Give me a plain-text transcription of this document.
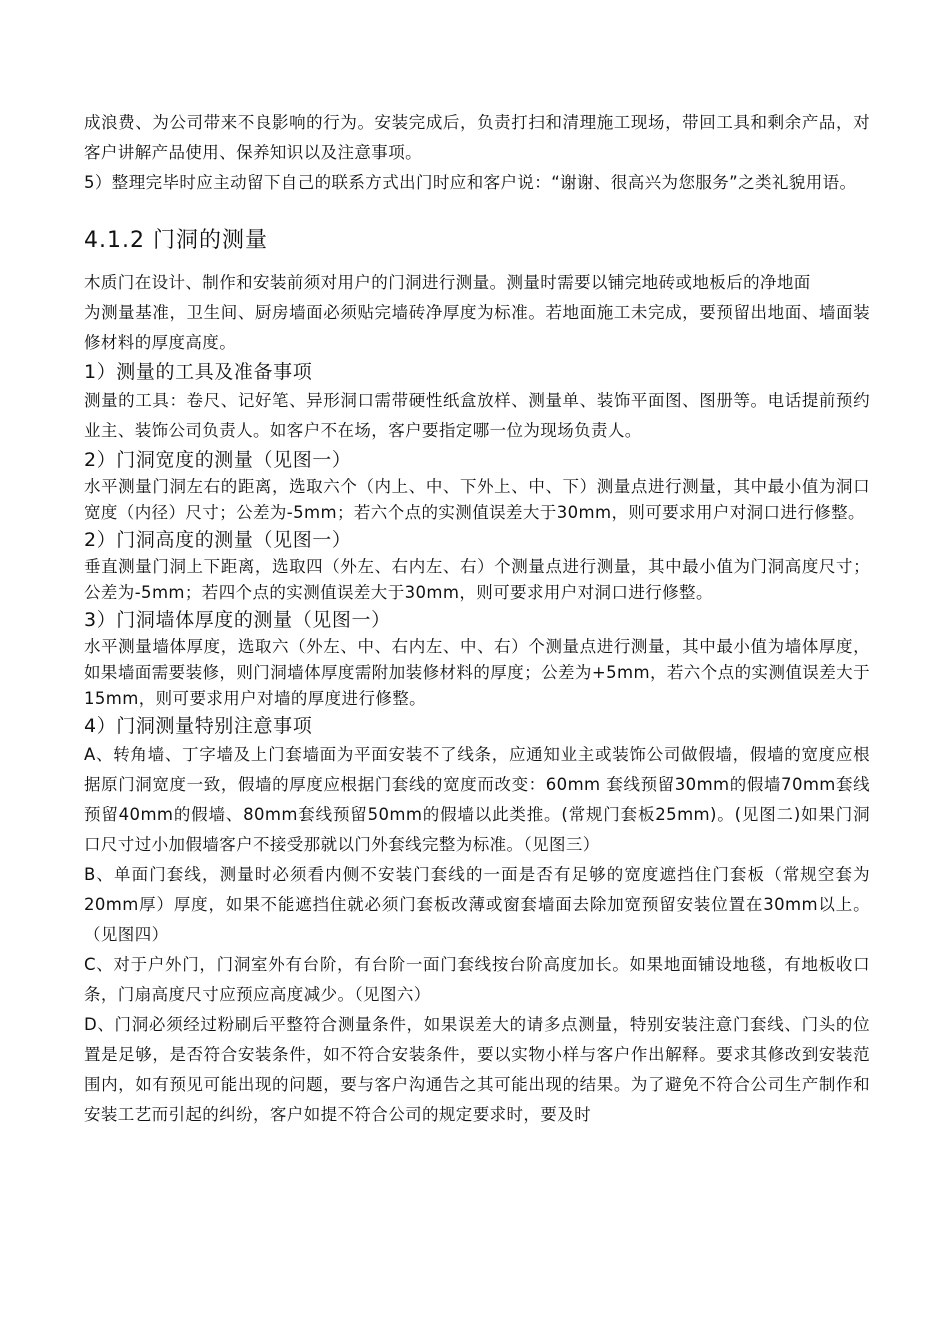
成浪费、为公司带来不良影响的行为。安装完成后，负责打扫和清理施工现场，带回工具和剩余产品，对客户讲解产品使用、保养知识以及注意事项。

5）整理完毕时应主动留下自己的联系方式出门时应和客户说：“谢谢、很高兴为您服务”之类礼貌用语。

4.1.2 门洞的测量

木质门在设计、制作和安装前须对用户的门洞进行测量。测量时需要以铺完地砖或地板后的净地面

为测量基准，卫生间、厨房墙面必须贴完墙砖净厚度为标准。若地面施工未完成，要预留出地面、墙面装修材料的厚度高度。

1）测量的工具及准备事项

测量的工具：卷尺、记好笔、异形洞口需带硬性纸盒放样、测量单、装饰平面图、图册等。电话提前预约业主、装饰公司负责人。如客户不在场，客户要指定哪一位为现场负责人。

2）门洞宽度的测量（见图一）

水平测量门洞左右的距离，选取六个（内上、中、下外上、中、下）测量点进行测量，其中最小值为洞口宽度（内径）尺寸；公差为-5mm；若六个点的实测值误差大于30mm，则可要求用户对洞口进行修整。

2）门洞高度的测量（见图一）

垂直测量门洞上下距离，选取四（外左、右内左、右）个测量点进行测量，其中最小值为门洞高度尺寸；公差为-5mm；若四个点的实测值误差大于30mm，则可要求用户对洞口进行修整。

3）门洞墙体厚度的测量（见图一）

水平测量墙体厚度，选取六（外左、中、右内左、中、右）个测量点进行测量，其中最小值为墙体厚度，如果墙面需要装修，则门洞墙体厚度需附加装修材料的厚度；公差为+5mm，若六个点的实测值误差大于15mm，则可要求用户对墙的厚度进行修整。

4）门洞测量特别注意事项

A、转角墙、丁字墙及上门套墙面为平面安装不了线条，应通知业主或装饰公司做假墙，假墙的宽度应根据原门洞宽度一致，假墙的厚度应根据门套线的宽度而改变：60mm 套线预留30mm的假墙70mm套线预留40mm的假墙、80mm套线预留50mm的假墙以此类推。(常规门套板25mm)。(见图二)如果门洞口尺寸过小加假墙客户不接受那就以门外套线完整为标准。（见图三）

B、单面门套线，测量时必须看内侧不安装门套线的一面是否有足够的宽度遮挡住门套板（常规空套为20mm厚）厚度，如果不能遮挡住就必须门套板改薄或窗套墙面去除加宽预留安装位置在30mm以上。（见图四）

C、对于户外门，门洞室外有台阶，有台阶一面门套线按台阶高度加长。如果地面铺设地毯，有地板收口条，门扇高度尺寸应预应高度减少。（见图六）

D、门洞必须经过粉刷后平整符合测量条件，如果误差大的请多点测量，特别安装注意门套线、门头的位置是足够，是否符合安装条件，如不符合安装条件，要以实物小样与客户作出解释。要求其修改到安装范围内，如有预见可能出现的问题，要与客户沟通告之其可能出现的结果。为了避免不符合公司生产制作和安装工艺而引起的纠纷，客户如提不符合公司的规定要求时，要及时
